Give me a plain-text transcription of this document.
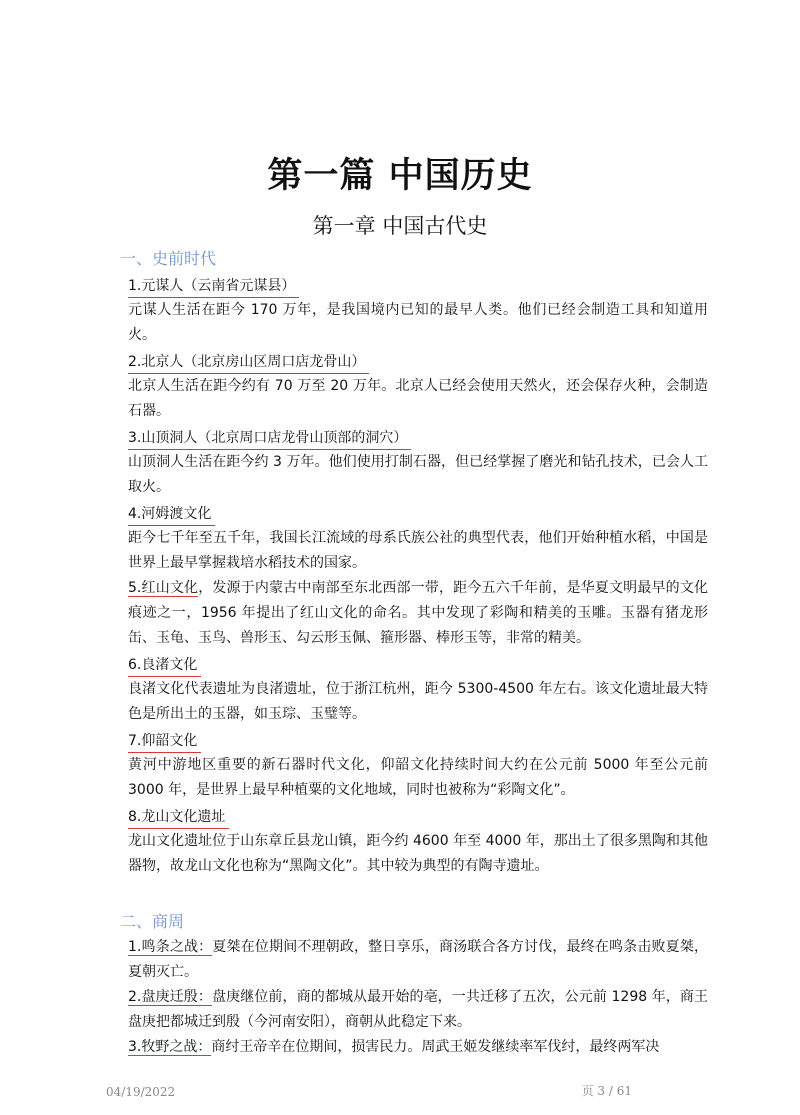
第一篇 中国历史
第一章 中国古代史
一、史前时代
1.元谋人（云南省元谋县）

元谋人生活在距今 170 万年，是我国境内已知的最早人类。他们已经会制造工具和知道用火。

2.北京人（北京房山区周口店龙骨山）

北京人生活在距今约有 70 万至 20 万年。北京人已经会使用天然火，还会保存火种，会制造石器。

3.山顶洞人（北京周口店龙骨山顶部的洞穴）

山顶洞人生活在距今约 3 万年。他们使用打制石器，但已经掌握了磨光和钻孔技术，已会人工取火。

4.河姆渡文化

距今七千年至五千年，我国长江流域的母系氏族公社的典型代表，他们开始种植水稻，中国是世界上最早掌握栽培水稻技术的国家。

5.红山文化，发源于内蒙古中南部至东北西部一带，距今五六千年前，是华夏文明最早的文化痕迹之一，1956 年提出了红山文化的命名。其中发现了彩陶和精美的玉雕。玉器有猪龙形缶、玉龟、玉鸟、兽形玉、勾云形玉佩、箍形器、棒形玉等，非常的精美。

6.良渚文化

良渚文化代表遗址为良渚遗址，位于浙江杭州，距今 5300-4500 年左右。该文化遗址最大特色是所出土的玉器，如玉琮、玉璧等。

7.仰韶文化

黄河中游地区重要的新石器时代文化，仰韶文化持续时间大约在公元前 5000 年至公元前 3000 年，是世界上最早种植粟的文化地域，同时也被称为“彩陶文化”。

8.龙山文化遗址

龙山文化遗址位于山东章丘县龙山镇，距今约 4600 年至 4000 年，那出土了很多黑陶和其他器物，故龙山文化也称为“黑陶文化”。其中较为典型的有陶寺遗址。

二、商周

1.鸣条之战：夏桀在位期间不理朝政，整日享乐，商汤联合各方讨伐，最终在鸣条击败夏桀，夏朝灭亡。

2.盘庚迁殷：盘庚继位前，商的都城从最开始的亳，一共迁移了五次，公元前 1298 年，商王盘庚把都城迁到殷（今河南安阳），商朝从此稳定下来。

3.牧野之战：商纣王帝辛在位期间，损害民力。周武王姬发继续率军伐纣，最终两军决

04/19/2022	页 3 / 61
